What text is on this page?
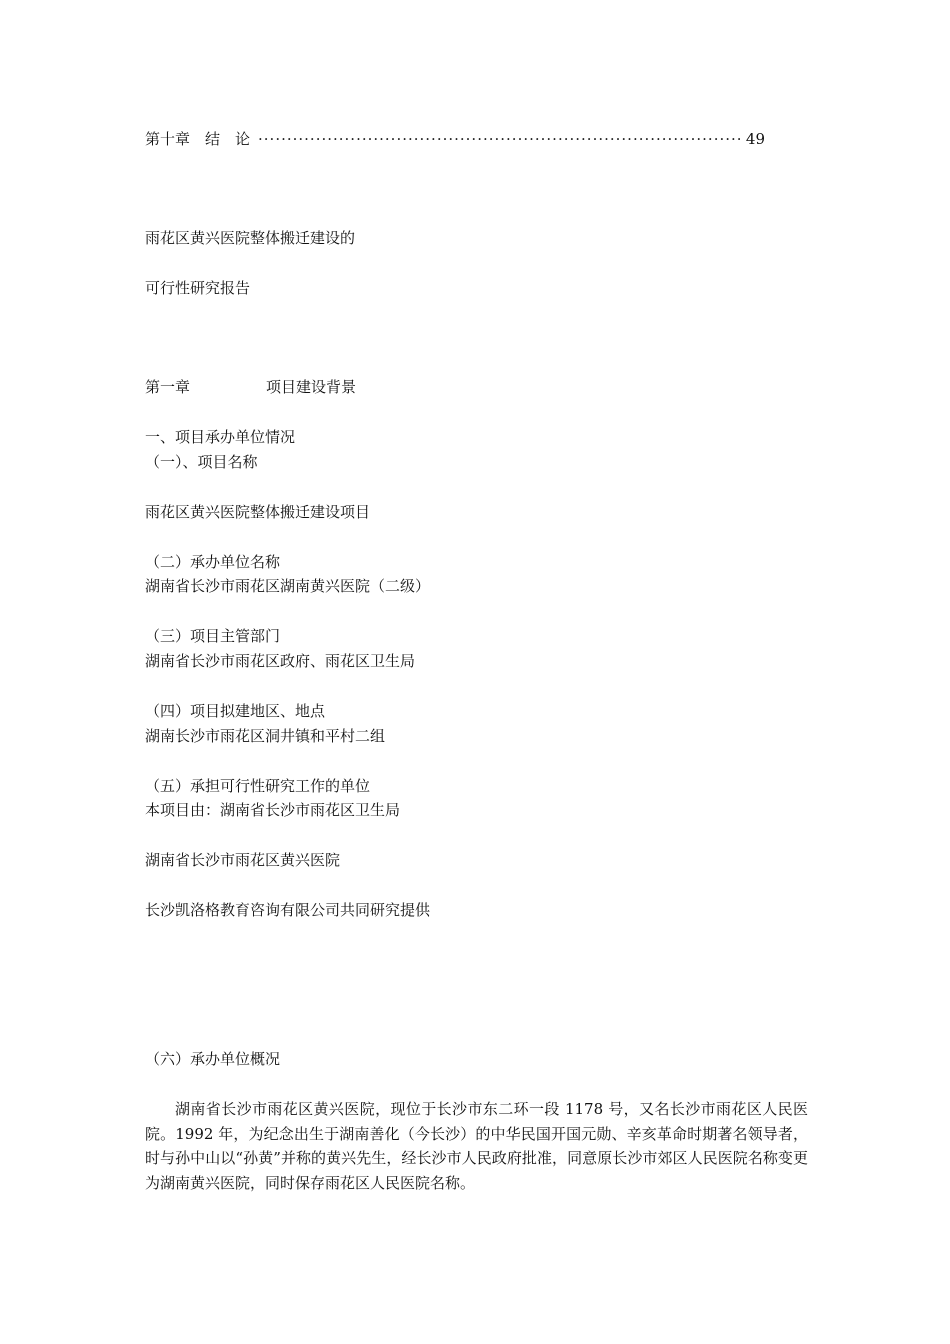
第十章　结　论
·····	49
雨花区黄兴医院整体搬迁建设的
可行性研究报告
第一章	项目建设背景
一、项目承办单位情况
（一）、项目名称
雨花区黄兴医院整体搬迁建设项目
（二）承办单位名称
湖南省长沙市雨花区湖南黄兴医院（二级）
（三）项目主管部门
湖南省长沙市雨花区政府、雨花区卫生局
（四）项目拟建地区、地点
湖南长沙市雨花区洞井镇和平村二组
（五）承担可行性研究工作的单位
本项目由：湖南省长沙市雨花区卫生局
湖南省长沙市雨花区黄兴医院
长沙凯洛格教育咨询有限公司共同研究提供
（六）承办单位概况
湖南省长沙市雨花区黄兴医院，现位于长沙市东二环一段 1178 号，又名长沙市雨花区人民医院。1992 年，为纪念出生于湖南善化（今长沙）的中华民国开国元勋、辛亥革命时期著名领导者，时与孙中山以“孙黄”并称的黄兴先生，经长沙市人民政府批准，同意原长沙市郊区人民医院名称变更为湖南黄兴医院，同时保存雨花区人民医院名称。
